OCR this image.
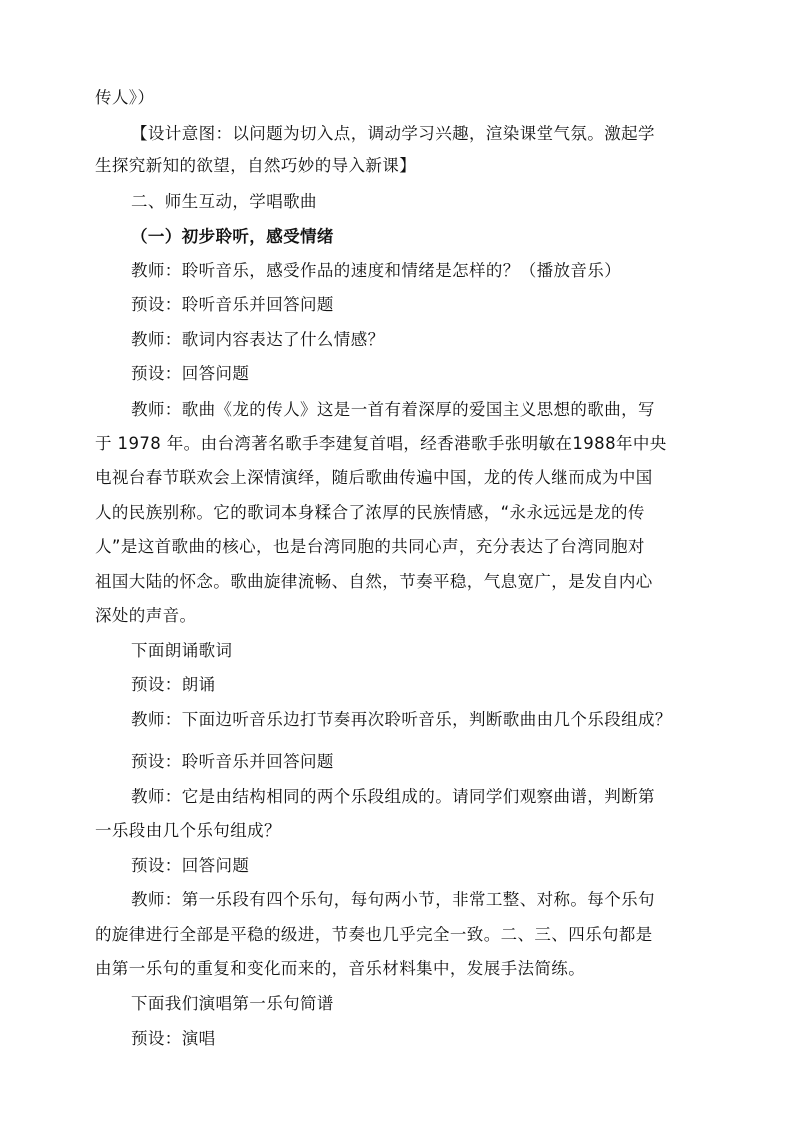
传人》）
【设计意图：以问题为切入点，调动学习兴趣，渲染课堂气氛。激起学
生探究新知的欲望，自然巧妙的导入新课】
二、师生互动，学唱歌曲
（一）初步聆听，感受情绪
教师：聆听音乐，感受作品的速度和情绪是怎样的？（播放音乐）
预设：聆听音乐并回答问题
教师：歌词内容表达了什么情感？
预设：回答问题
教师：歌曲《龙的传人》这是一首有着深厚的爱国主义思想的歌曲，写
于 1978 年。由台湾著名歌手李建复首唱，经香港歌手张明敏在1988年中央
电视台春节联欢会上深情演绎，随后歌曲传遍中国，龙的传人继而成为中国
人的民族别称。它的歌词本身糅合了浓厚的民族情感，“永永远远是龙的传
人”是这首歌曲的核心，也是台湾同胞的共同心声，充分表达了台湾同胞对
祖国大陆的怀念。歌曲旋律流畅、自然，节奏平稳，气息宽广，是发自内心
深处的声音。
下面朗诵歌词
预设：朗诵
教师：下面边听音乐边打节奏再次聆听音乐，判断歌曲由几个乐段组成？
预设：聆听音乐并回答问题
教师：它是由结构相同的两个乐段组成的。请同学们观察曲谱，判断第
一乐段由几个乐句组成？
预设：回答问题
教师：第一乐段有四个乐句，每句两小节，非常工整、对称。每个乐句
的旋律进行全部是平稳的级进，节奏也几乎完全一致。二、三、四乐句都是
由第一乐句的重复和变化而来的，音乐材料集中，发展手法简练。
下面我们演唱第一乐句简谱
预设：演唱
